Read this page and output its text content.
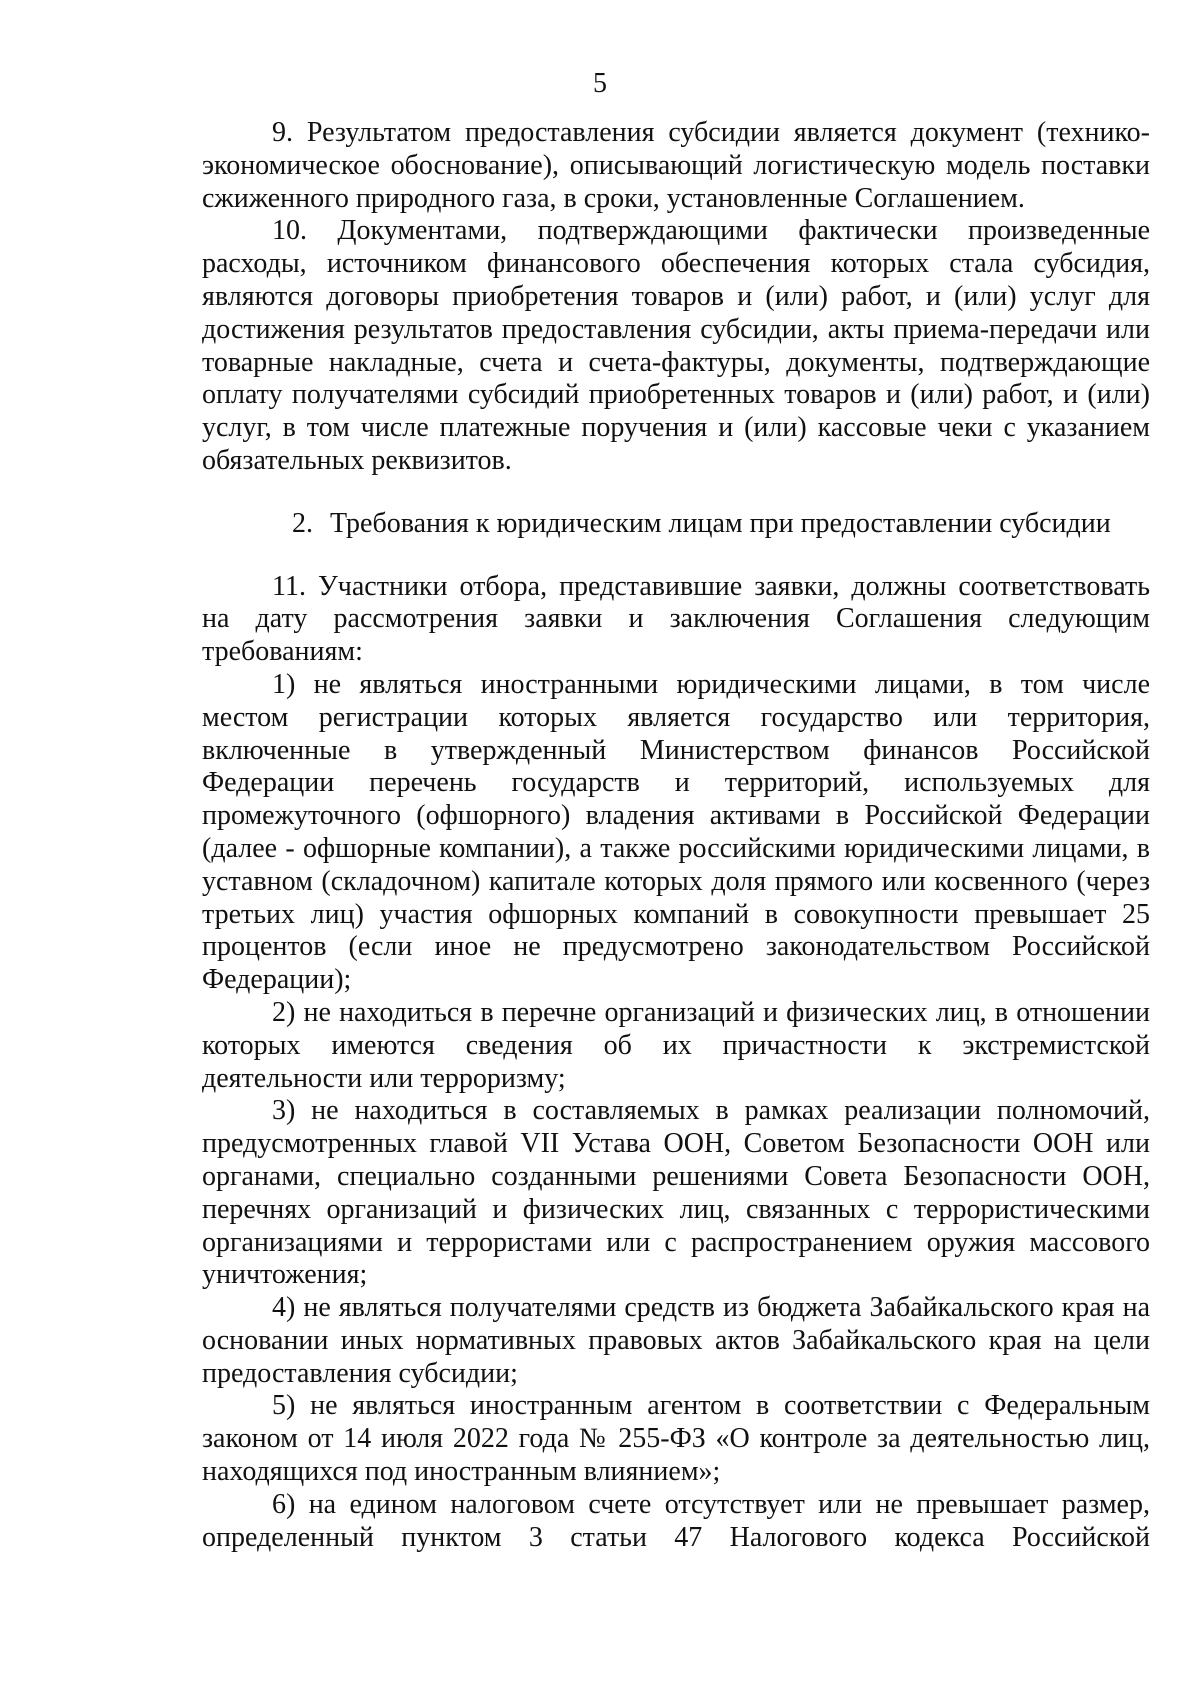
5

9. Результатом предоставления субсидии является документ (технико-экономическое обоснование), описывающий логистическую модель поставки сжиженного природного газа, в сроки, установленные Соглашением.

10. Документами, подтверждающими фактически произведенные расходы, источником финансового обеспечения которых стала субсидия, являются договоры приобретения товаров и (или) работ, и (или) услуг для достижения результатов предоставления субсидии, акты приема-передачи или товарные накладные, счета и счета-фактуры, документы, подтверждающие оплату получателями субсидий приобретенных товаров и (или) работ, и (или) услуг, в том числе платежные поручения и (или) кассовые чеки с указанием обязательных реквизитов.

2. Требования к юридическим лицам при предоставлении субсидии

11. Участники отбора, представившие заявки, должны соответствовать на дату рассмотрения заявки и заключения Соглашения следующим требованиям:

1) не являться иностранными юридическими лицами, в том числе местом регистрации которых является государство или территория, включенные в утвержденный Министерством финансов Российской Федерации перечень государств и территорий, используемых для промежуточного (офшорного) владения активами в Российской Федерации (далее - офшорные компании), а также российскими юридическими лицами, в уставном (складочном) капитале которых доля прямого или косвенного (через третьих лиц) участия офшорных компаний в совокупности превышает 25 процентов (если иное не предусмотрено законодательством Российской Федерации);

2) не находиться в перечне организаций и физических лиц, в отношении которых имеются сведения об их причастности к экстремистской деятельности или терроризму;

3) не находиться в составляемых в рамках реализации полномочий, предусмотренных главой VII Устава ООН, Советом Безопасности ООН или органами, специально созданными решениями Совета Безопасности ООН, перечнях организаций и физических лиц, связанных с террористическими организациями и террористами или с распространением оружия массового уничтожения;

4) не являться получателями средств из бюджета Забайкальского края на основании иных нормативных правовых актов Забайкальского края на цели предоставления субсидии;

5) не являться иностранным агентом в соответствии с Федеральным законом от 14 июля 2022 года № 255-ФЗ «О контроле за деятельностью лиц, находящихся под иностранным влиянием»;

6) на едином налоговом счете отсутствует или не превышает размер, определенный пунктом 3 статьи 47 Налогового кодекса Российской
